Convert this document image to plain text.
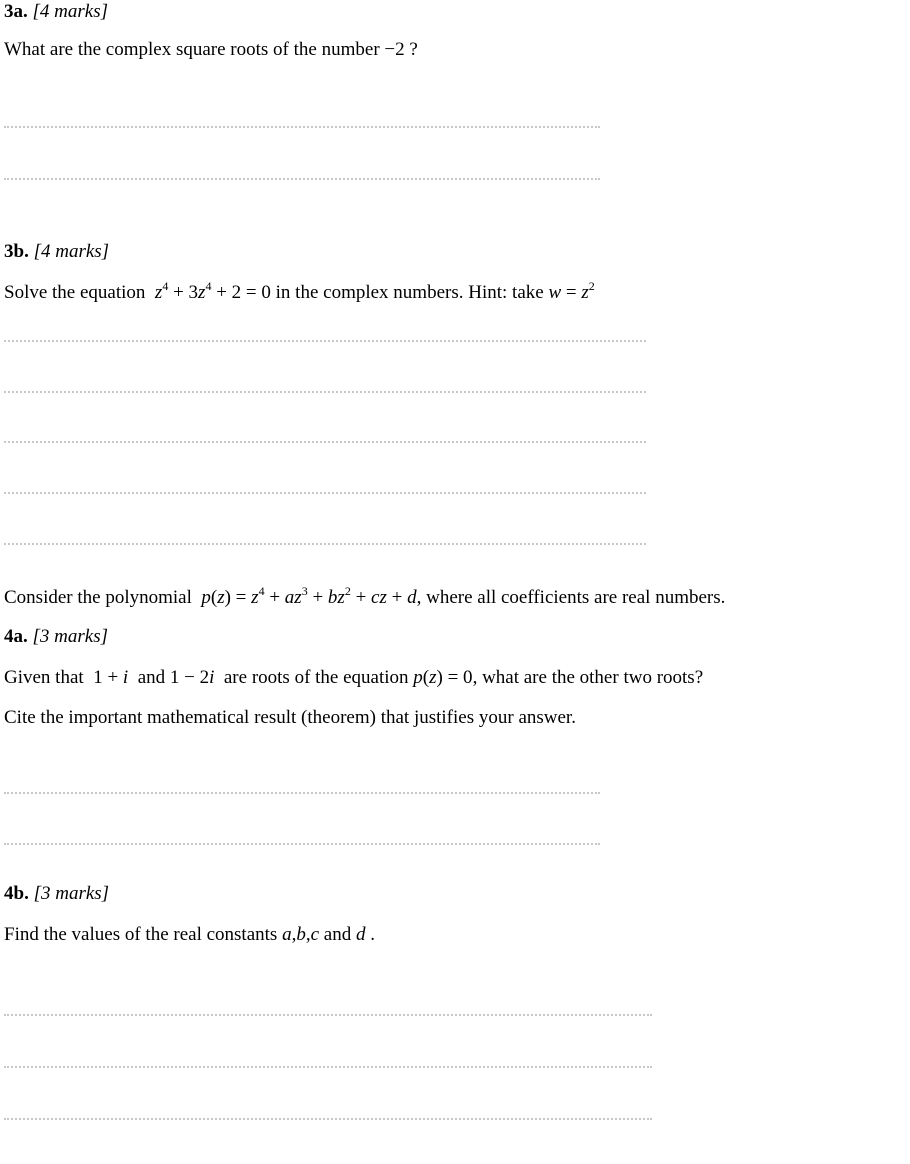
3a. [4 marks]
What are the complex square roots of the number −2 ?
3b. [4 marks]
Solve the equation $z^4 + 3z^4 + 2 = 0$ in the complex numbers. Hint: take $w = z^2$
Consider the polynomial $p(z) = z^4 + az^3 + bz^2$ + cz + d, where all coefficients are real numbers.
4a. [3 marks]
Given that 1 + i and 1 − 2i are roots of the equation p(z) = 0, what are the other two roots?
Cite the important mathematical result (theorem) that justifies your answer.
4b. [3 marks]
Find the values of the real constants a,b,c and d .
